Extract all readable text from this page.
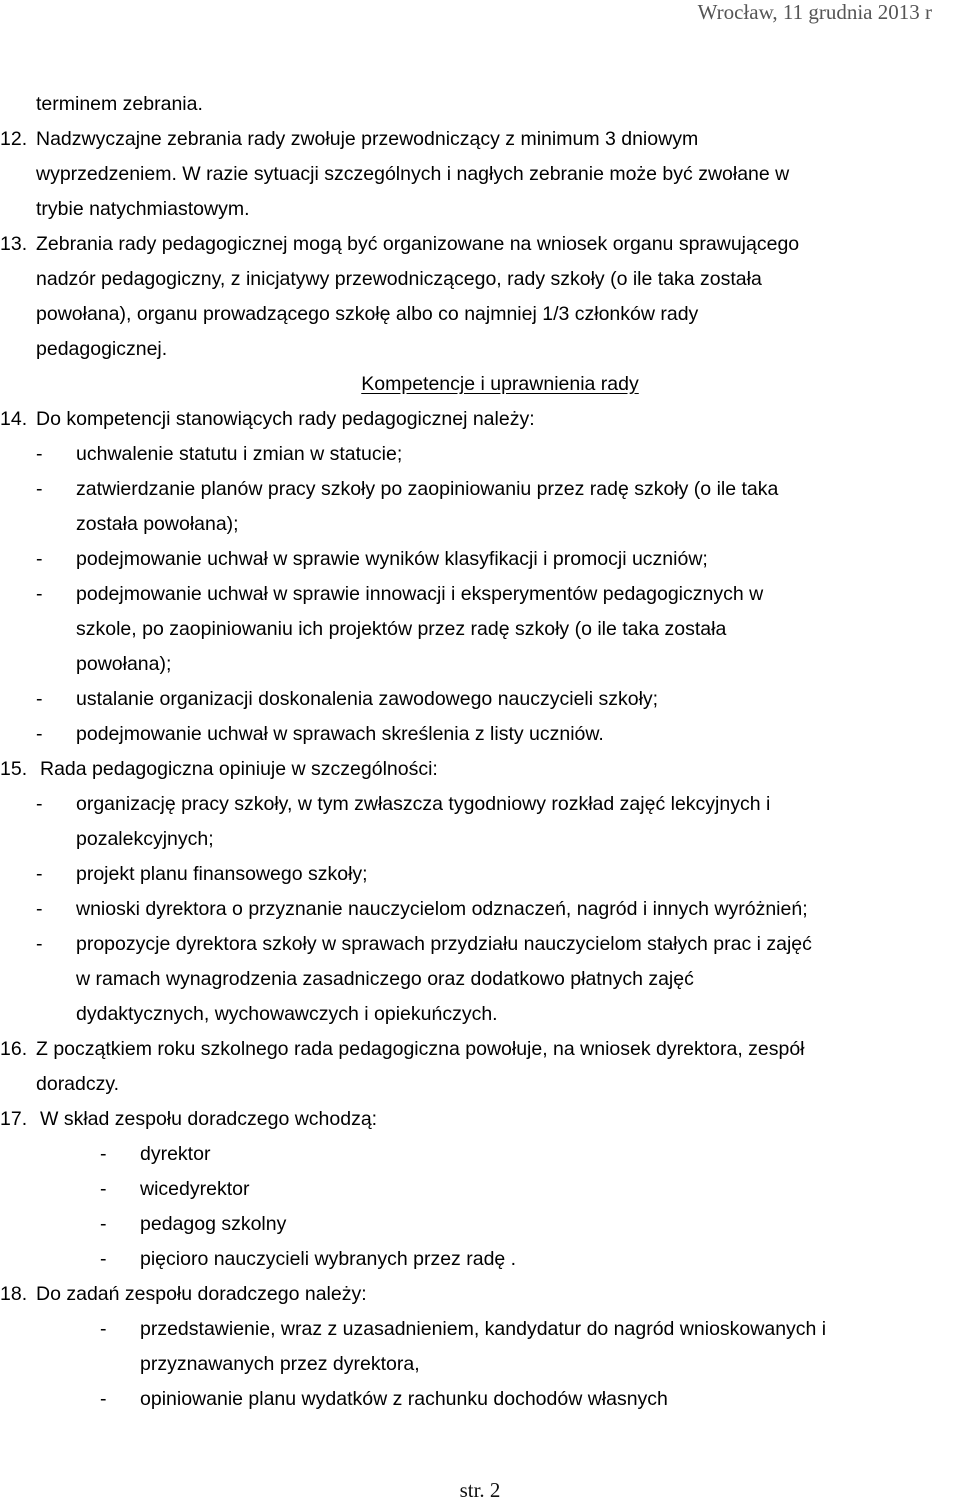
Wrocław, 11 grudnia 2013 r
terminem zebrania.
12. Nadzwyczajne zebrania rady zwołuje przewodniczący z minimum 3 dniowym
wyprzedzeniem. W razie sytuacji szczególnych i nagłych zebranie może być zwołane w
trybie natychmiastowym.
13. Zebrania rady pedagogicznej mogą być organizowane na wniosek organu sprawującego
nadzór pedagogiczny, z inicjatywy przewodniczącego, rady szkoły (o ile taka została
powołana), organu prowadzącego szkołę albo co najmniej 1/3 członków rady
pedagogicznej.
Kompetencje i uprawnienia rady
14. Do kompetencji stanowiących rady pedagogicznej należy:
- uchwalenie statutu i zmian w statucie;
- zatwierdzanie planów pracy szkoły po zaopiniowaniu przez radę szkoły (o ile taka
została powołana);
- podejmowanie uchwał w sprawie wyników klasyfikacji i promocji uczniów;
- podejmowanie uchwał w sprawie innowacji i eksperymentów pedagogicznych w
szkole, po zaopiniowaniu ich projektów przez radę szkoły (o ile taka została
powołana);
- ustalanie organizacji doskonalenia zawodowego nauczycieli szkoły;
- podejmowanie uchwał w sprawach skreślenia z listy uczniów.
15. Rada pedagogiczna opiniuje w szczególności:
- organizację pracy szkoły, w tym zwłaszcza tygodniowy rozkład zajęć lekcyjnych i
pozalekcyjnych;
- projekt planu finansowego szkoły;
- wnioski dyrektora o przyznanie nauczycielom odznaczeń, nagród i innych wyróżnień;
- propozycje dyrektora szkoły w sprawach przydziału nauczycielom stałych prac i zajęć
w ramach wynagrodzenia zasadniczego oraz dodatkowo płatnych zajęć
dydaktycznych, wychowawczych i opiekuńczych.
16. Z początkiem roku szkolnego rada pedagogiczna powołuje, na wniosek dyrektora, zespół
doradczy.
17. W skład zespołu doradczego wchodzą:
- dyrektor
- wicedyrektor
- pedagog szkolny
- pięcioro nauczycieli wybranych przez radę .
18. Do zadań zespołu doradczego należy:
- przedstawienie, wraz z uzasadnieniem, kandydatur do nagród wnioskowanych i
przyznawanych przez dyrektora,
- opiniowanie planu wydatków z rachunku dochodów własnych
str. 2
